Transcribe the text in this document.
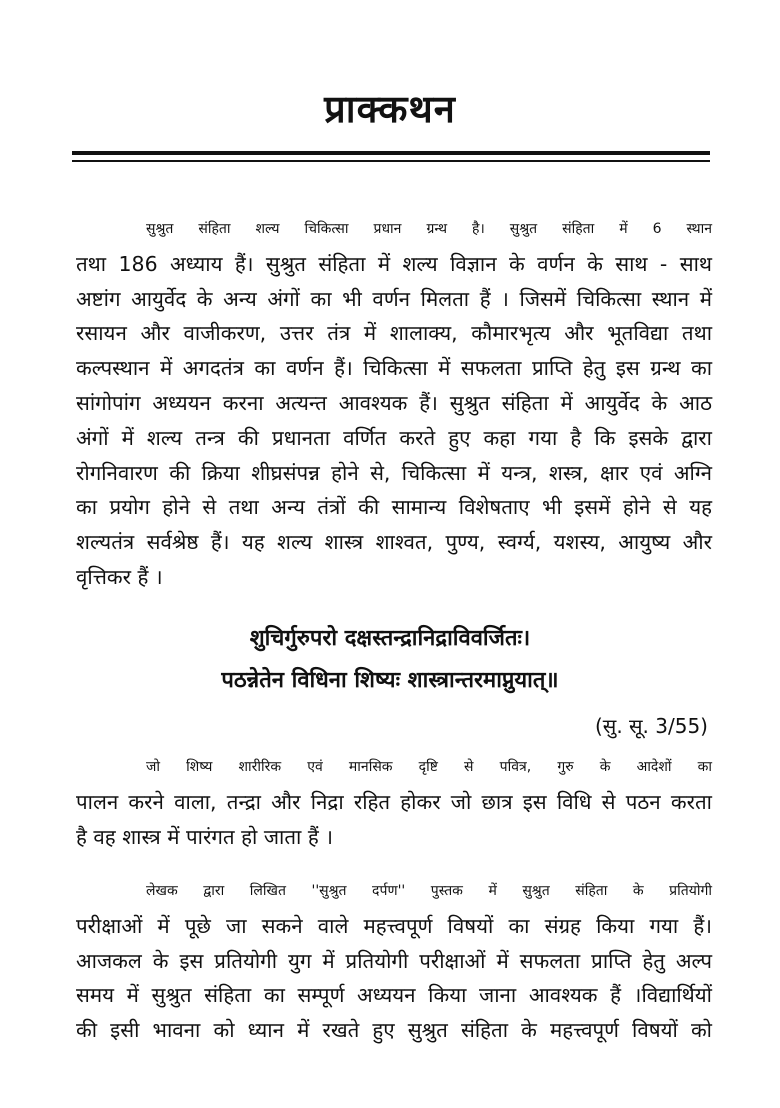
प्राक्कथन

सुश्रुत संहिता शल्य चिकित्सा प्रधान ग्रन्थ है। सुश्रुत संहिता में 6 स्थान
तथा 186 अध्याय हैं। सुश्रुत संहिता में शल्य विज्ञान के वर्णन के साथ - साथ
अष्टांग आयुर्वेद के अन्य अंगों का भी वर्णन मिलता हैं । जिसमें चिकित्सा स्थान में
रसायन और वाजीकरण, उत्तर तंत्र में शालाक्य, कौमारभृत्य और भूतविद्या तथा
कल्पस्थान में अगदतंत्र का वर्णन हैं। चिकित्सा में सफलता प्राप्ति हेतु इस ग्रन्थ का
सांगोपांग अध्ययन करना अत्यन्त आवश्यक हैं। सुश्रुत संहिता में आयुर्वेद के आठ
अंगों में शल्य तन्त्र की प्रधानता वर्णित करते हुए कहा गया है कि इसके द्वारा
रोगनिवारण की क्रिया शीघ्रसंपन्न होने से, चिकित्सा में यन्त्र, शस्त्र, क्षार एवं अग्नि
का प्रयोग होने से तथा अन्य तंत्रों की सामान्य विशेषताए भी इसमें होने से यह
शल्यतंत्र सर्वश्रेष्ठ हैं। यह शल्य शास्त्र शाश्वत, पुण्य, स्वर्ग्य, यशस्य, आयुष्य और
वृत्तिकर हैं ।

शुचिर्गुरुपरो दक्षस्तन्द्रानिद्राविवर्जितः।

पठन्नेतेन विधिना शिष्यः शास्त्रान्तरमाप्नुयात्॥

(सु. सू. 3/55)

जो शिष्य शारीरिक एवं मानसिक दृष्टि से पवित्र, गुरु के आदेशों का
पालन करने वाला, तन्द्रा और निद्रा रहित होकर जो छात्र इस विधि से पठन करता
है वह शास्त्र में पारंगत हो जाता हैं ।

लेखक द्वारा लिखित ''सुश्रुत दर्पण'' पुस्तक में सुश्रुत संहिता के प्रतियोगी
परीक्षाओं में पूछे जा सकने वाले महत्त्वपूर्ण विषयों का संग्रह किया गया हैं।
आजकल के इस प्रतियोगी युग में प्रतियोगी परीक्षाओं में सफलता प्राप्ति हेतु अल्प
समय में सुश्रुत संहिता का सम्पूर्ण अध्ययन किया जाना आवश्यक हैं ।विद्यार्थियों
की इसी भावना को ध्यान में रखते हुए सुश्रुत संहिता के महत्त्वपूर्ण विषयों को
